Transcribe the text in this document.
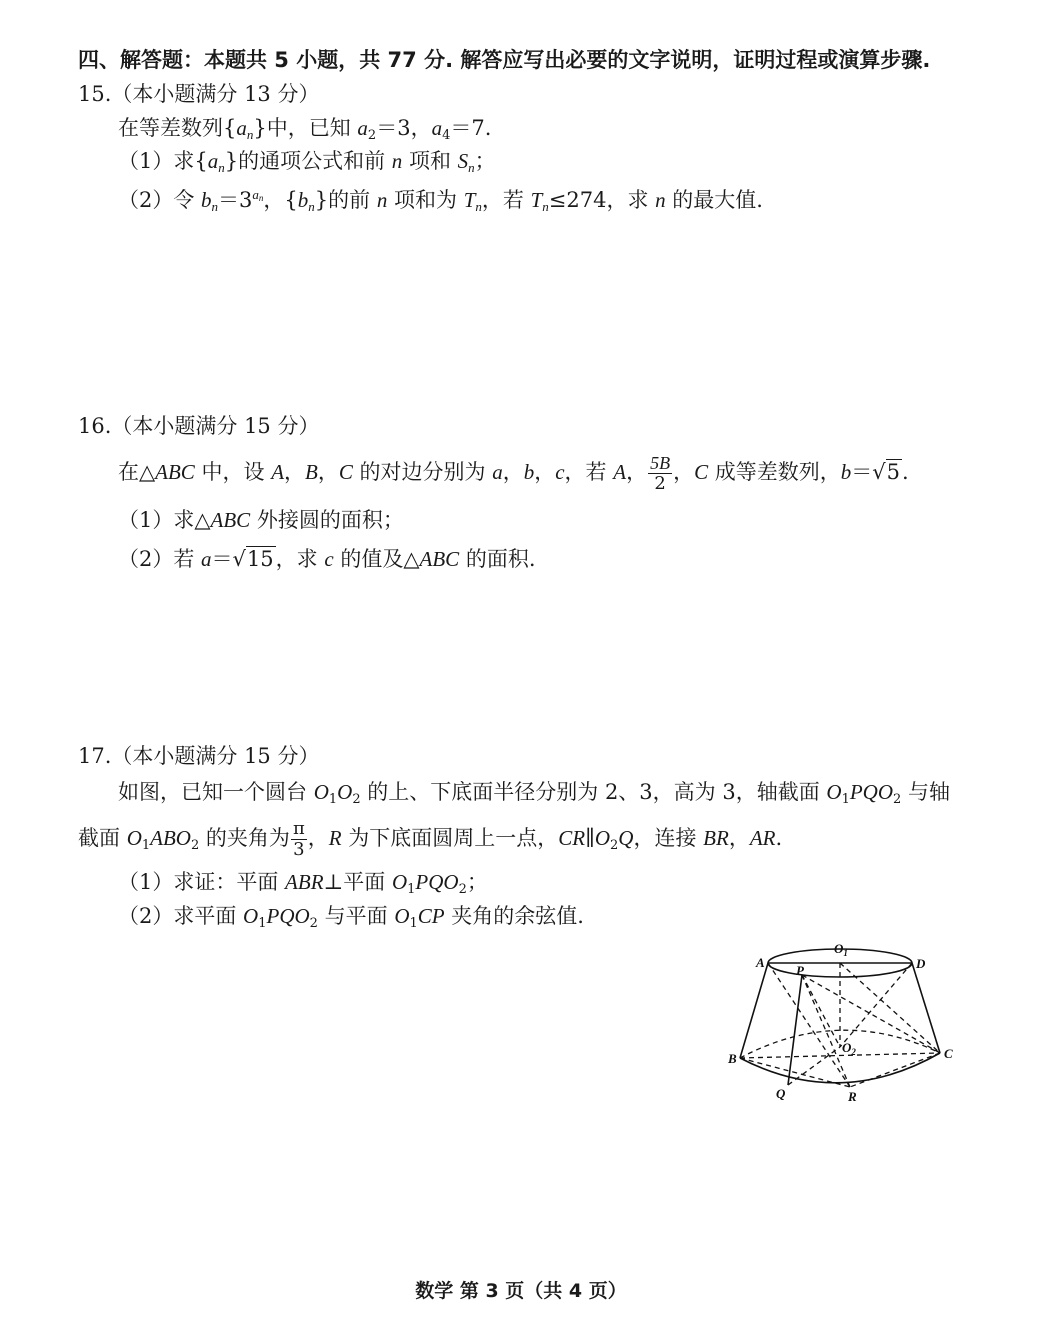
四、解答题：本题共 5 小题，共 77 分. 解答应写出必要的文字说明，证明过程或演算步骤.
15.（本小题满分 13 分）
在等差数列$\{a_n\}$中，已知 $a_2=3$，$a_4=7$.
（1）求$\{a_n\}$的通项公式和前 n 项和 $S_n$；
（2）令 $b_n=3^{a_n}$，$\{b_n\}$的前 n 项和为 $T_n$，若 $T_n\le 274$，求 n 的最大值.
16.（本小题满分 15 分）
在△ABC 中，设 A，B，C 的对边分别为 a，b，c，若 A， $\frac{5B}{2}$ ，C 成等差数列，b＝√5.
（1）求△ABC 外接圆的面积；
（2）若 a＝√15，求 c 的值及△ABC 的面积.
17.（本小题满分 15 分）
如图，已知一个圆台 $O_1O_2$ 的上、下底面半径分别为 2、3，高为 3，轴截面 $O_1PQO_2$ 与轴
截面 $O_1ABO_2$ 的夹角为 $\frac{\pi}{3}$ ，R 为下底面圆周上一点，$CR\parallel O_2Q$，连接 BR，AR.
（1）求证：平面 ABR⊥平面 $O_1PQO_2$；
（2）求平面 $O_1PQO_2$ 与平面 $O_1CP$ 夹角的余弦值.
A	D
$O_1$
P
B	C
$O_2$
Q	R
数学 第 3 页（共 4 页）
